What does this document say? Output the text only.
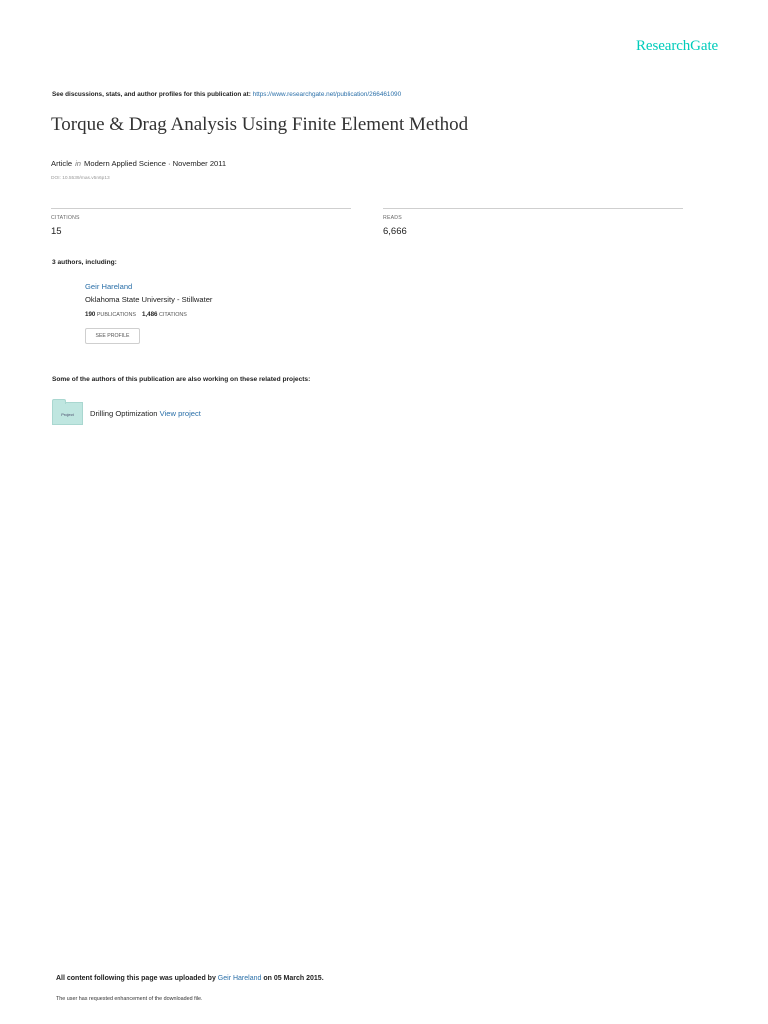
ResearchGate
See discussions, stats, and author profiles for this publication at: https://www.researchgate.net/publication/266461090
Torque & Drag Analysis Using Finite Element Method
Article in Modern Applied Science · November 2011
DOI: 10.5539/mas.v5n6p13
CITATIONS
15
READS
6,666
3 authors, including:
Geir Hareland
Oklahoma State University - Stillwater
190 PUBLICATIONS 1,486 CITATIONS
SEE PROFILE
Some of the authors of this publication are also working on these related projects:
Project	Drilling Optimization View project
All content following this page was uploaded by Geir Hareland on 05 March 2015.
The user has requested enhancement of the downloaded file.
